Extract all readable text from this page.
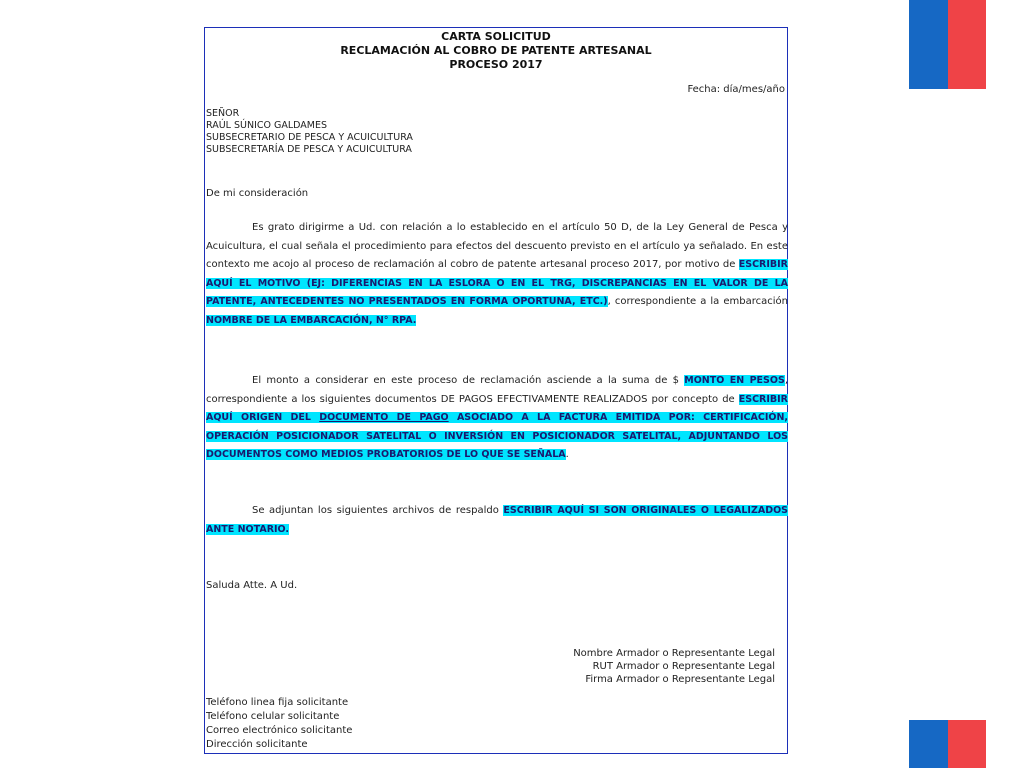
CARTA SOLICITUD
RECLAMACIÓN AL COBRO DE PATENTE ARTESANAL
PROCESO 2017
Fecha: día/mes/año
SEÑOR
RAÚL SÚNICO GALDAMES
SUBSECRETARIO DE PESCA Y ACUICULTURA
SUBSECRETARÍA DE PESCA Y ACUICULTURA
De mi consideración
Es grato dirigirme a Ud. con relación a lo establecido en el artículo 50 D, de la Ley General de Pesca y Acuicultura, el cual señala el procedimiento para efectos del descuento previsto en el artículo ya señalado. En este contexto me acojo al proceso de reclamación al cobro de patente artesanal proceso 2017, por motivo de ESCRIBIR AQUÍ EL MOTIVO (EJ: DIFERENCIAS EN LA ESLORA O EN EL TRG, DISCREPANCIAS EN EL VALOR DE LA PATENTE, ANTECEDENTES NO PRESENTADOS EN FORMA OPORTUNA, ETC.), correspondiente a la embarcación NOMBRE DE LA EMBARCACIÓN, N° RPA.
El monto a considerar en este proceso de reclamación asciende a la suma de $ MONTO EN PESOS, correspondiente a los siguientes documentos DE PAGOS EFECTIVAMENTE REALIZADOS por concepto de ESCRIBIR AQUÍ ORIGEN DEL DOCUMENTO DE PAGO ASOCIADO A LA FACTURA EMITIDA POR: CERTIFICACIÓN, OPERACIÓN POSICIONADOR SATELITAL O INVERSIÓN EN POSICIONADOR SATELITAL, ADJUNTANDO LOS DOCUMENTOS COMO MEDIOS PROBATORIOS DE LO QUE SE SEÑALA.
Se adjuntan los siguientes archivos de respaldo ESCRIBIR AQUÍ SI SON ORIGINALES O LEGALIZADOS ANTE NOTARIO.
Saluda Atte. A Ud.
Nombre Armador o Representante Legal
RUT Armador o Representante Legal
Firma Armador o Representante Legal
Teléfono linea fija solicitante
Teléfono celular solicitante
Correo electrónico solicitante
Dirección solicitante
